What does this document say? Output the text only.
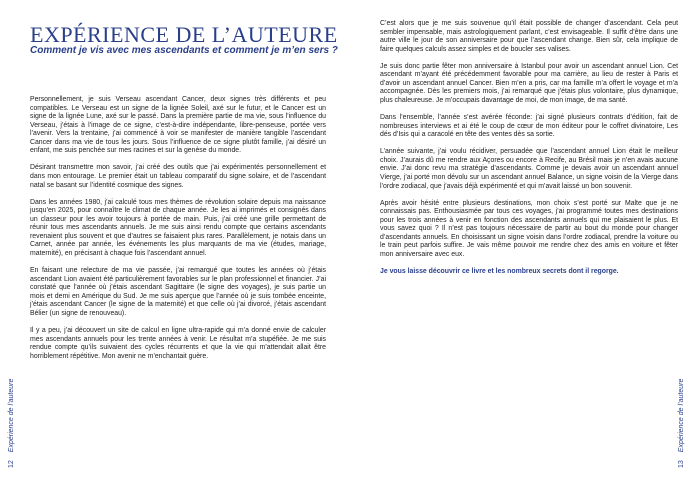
EXPÉRIENCE DE L’AUTEURE
Comment je vis avec mes ascendants et comment je m’en sers ?

Personnellement, je suis Verseau ascendant Cancer, deux signes très différents et peu compatibles. Le Verseau est un signe de la lignée Soleil, axé sur le futur, et le Cancer est un signe de la lignée Lune, axé sur le passé. Dans la première partie de ma vie, sous l’influence du Verseau, j’étais à l’image de ce signe, c’est-à-dire indépendante, libre-penseuse, portée vers l’avenir. Vers la trentaine, j’ai commencé à voir se manifester de manière tangible l’ascendant Cancer dans ma vie de tous les jours. Sous l’influence de ce signe plutôt famille, j’ai désiré un enfant, me suis penchée sur mes racines et sur la genèse du monde.

Désirant transmettre mon savoir, j’ai créé des outils que j’ai expérimentés personnellement et dans mon entourage. Le premier était un tableau comparatif du signe solaire, et de l’ascendant natal se basant sur l’identité cosmique des signes.

Dans les années 1980, j’ai calculé tous mes thèmes de révolution solaire depuis ma naissance jusqu’en 2025, pour connaître le climat de chaque année. Je les ai imprimés et consignés dans un classeur pour les avoir toujours à portée de main. Puis, j’ai créé une grille permettant de réunir tous mes ascendants annuels. Je me suis ainsi rendu compte que certains ascendants revenaient plus souvent et que d’autres se faisaient plus rares. Parallèlement, je notais dans un Carnet, année par année, les événements les plus marquants de ma vie (études, mariage, maternité), en précisant à chaque fois l’ascendant annuel.

En faisant une relecture de ma vie passée, j’ai remarqué que toutes les années où j’étais ascendant Lion avaient été particulièrement favorables sur le plan professionnel et financier. J’ai constaté que l’année où j’étais ascendant Sagittaire (le signe des voyages), je suis partie un mois et demi en Amérique du Sud. Je me suis aperçue que l’année où je suis tombée enceinte, j’étais ascendant Cancer (le signe de la maternité) et que celle où j’ai divorcé, j’étais ascendant Bélier (un signe de renouveau).

Il y a peu, j’ai découvert un site de calcul en ligne ultra-rapide qui m’a donné envie de calculer mes ascendants annuels pour les trente années à venir. Le résultat m’a stupéfiée. Je me suis rendue compte qu’ils suivaient des cycles récurrents et que la vie qui m’attendait allait être horriblement répétitive. Mon avenir ne m’enchantait guère.

12Expérience de l’auteure

C’est alors que je me suis souvenue qu’il était possible de changer d’ascendant. Cela peut sembler impensable, mais astrologiquement parlant, c’est envisageable. Il suffit d’être dans une autre ville le jour de son anniversaire pour que l’ascendant change. Bien sûr, cela implique de faire quelques calculs assez simples et de boucler ses valises.

Je suis donc partie fêter mon anniversaire à Istanbul pour avoir un ascendant annuel Lion. Cet ascendant m’ayant été précédemment favorable pour ma carrière, au lieu de rester à Paris et d’avoir un ascendant annuel Cancer. Bien m’en a pris, car ma famille m’a offert le voyage et m’a accompagnée. Dès les premiers mois, j’ai remarqué que j’étais plus volontaire, plus dynamique, plus chaleureuse. Je m’occupais davantage de moi, de mon image, de ma santé.

Dans l’ensemble, l’année s’est avérée féconde: j’ai signé plusieurs contrats d’édition, fait de nombreuses interviews et ai été le coup de cœur de mon éditeur pour le coffret divinatoire, Les dés d’Isis qui a caracolé en tête des ventes dès sa sortie.

L’année suivante, j’ai voulu récidiver, persuadée que l’ascendant annuel Lion était le meilleur choix. J’aurais dû me rendre aux Açores ou encore à Recife, au Brésil mais je n’en avais aucune envie. J’ai donc revu ma stratégie d’ascendants. Comme je devais avoir un ascendant annuel Vierge, j’ai porté mon dévolu sur un ascendant annuel Balance, un signe voisin de la Vierge dans l’ordre zodiacal, que j’avais déjà expérimenté et qui m’avait laissé un bon souvenir.

Après avoir hésité entre plusieurs destinations, mon choix s’est porté sur Malte que je ne connaissais pas. Enthousiasmée par tous ces voyages, j’ai programmé toutes mes destinations pour les trois années à venir en fonction des ascendants annuels qui me plaisaient le plus. Et vous savez quoi ? Il n’est pas toujours nécessaire de partir au bout du monde pour changer d’ascendants annuels. En choisissant un signe voisin dans l’ordre zodiacal, prendre la voiture ou le train peut parfois suffire. Je vais même pouvoir me rendre chez des amis en voiture et fêter mon anniversaire avec eux.

Je vous laisse découvrir ce livre et les nombreux secrets dont il regorge.

13Expérience de l’auteure
